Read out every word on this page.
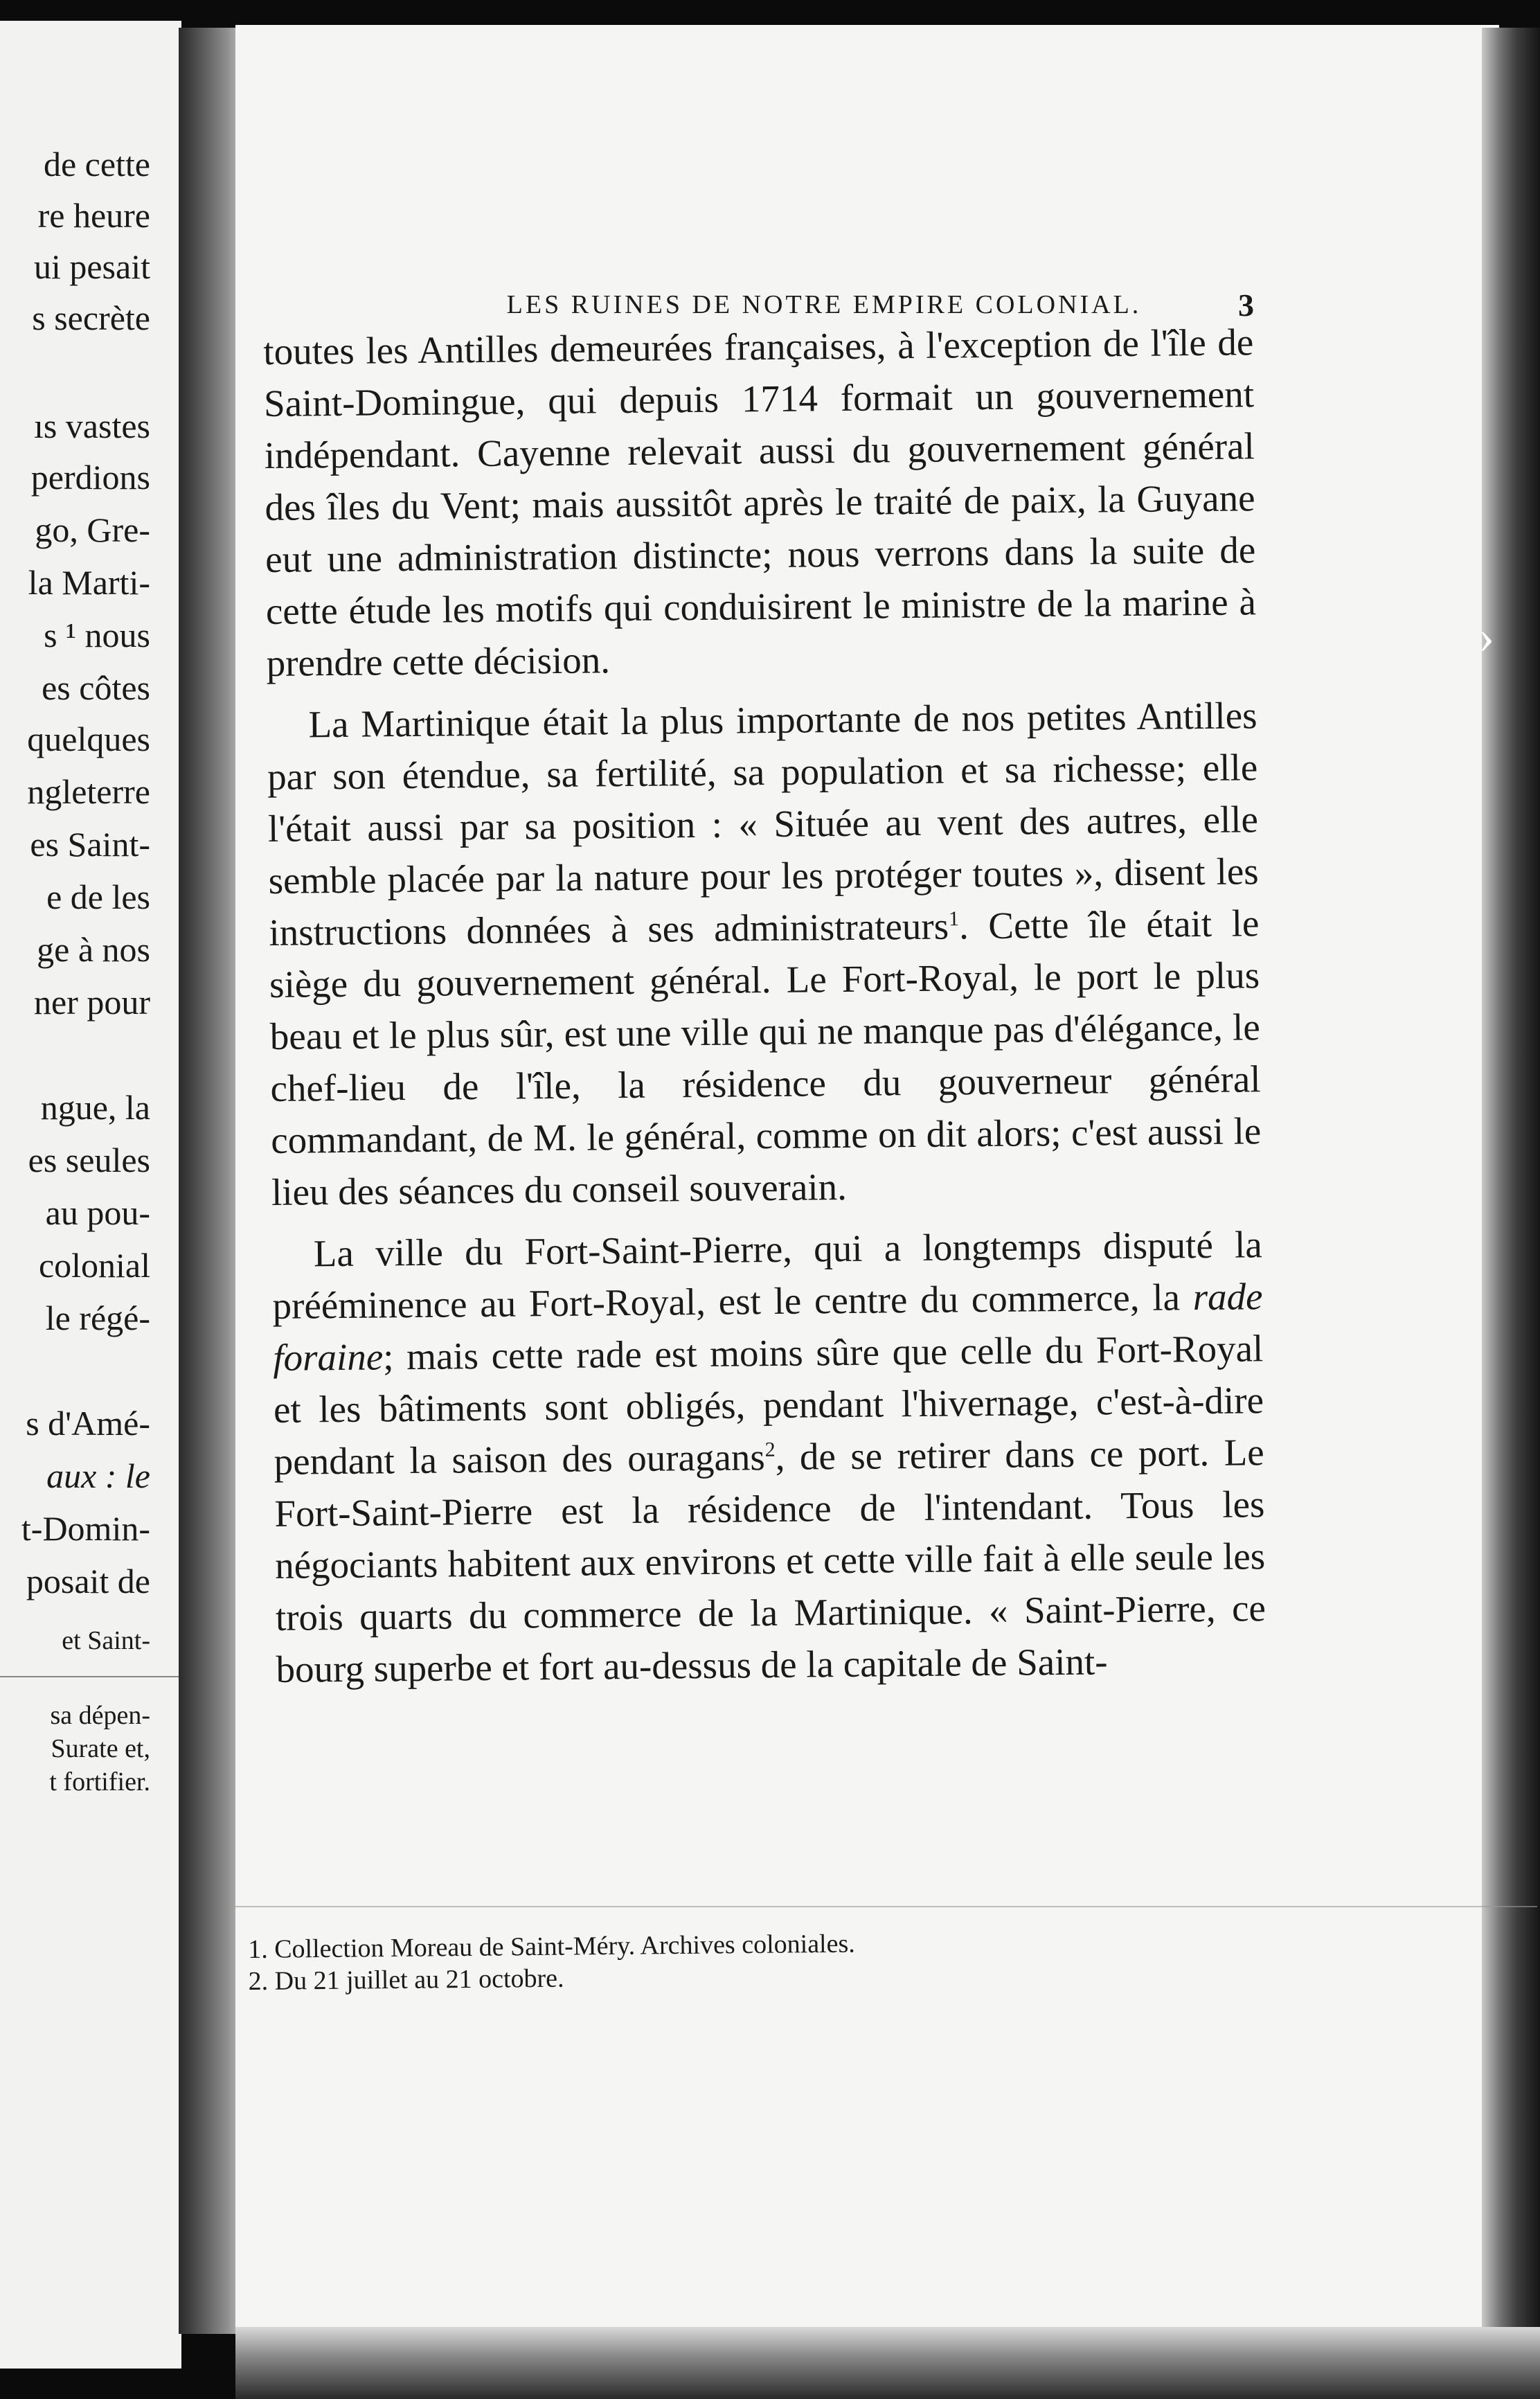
de cette
re heure
ui pesait
s secrète
ıs vastes
perdions
go, Gre-
la Marti-
s ¹ nous
es côtes
quelques
ngleterre
es Saint-
e de les
ge à nos
ner pour
ngue, la
es seules
au pou-
colonial
le régé-
s d'Amé-
aux : le
t-Domin-
posait de
et Saint-
sa dépen-
Surate et,
t fortifier.
›
LES RUINES DE NOTRE EMPIRE COLONIAL.	3

toutes les Antilles demeurées françaises, à l'exception de l'île de Saint-Domingue, qui depuis 1714 formait un gouvernement indépendant. Cayenne relevait aussi du gouvernement général des îles du Vent; mais aussitôt après le traité de paix, la Guyane eut une administration distincte; nous verrons dans la suite de cette étude les motifs qui conduisirent le ministre de la marine à prendre cette décision.

La Martinique était la plus importante de nos petites Antilles par son étendue, sa fertilité, sa population et sa richesse; elle l'était aussi par sa position : « Située au vent des autres, elle semble placée par la nature pour les protéger toutes », disent les instructions données à ses administrateurs$^1$. Cette île était le siège du gouvernement général. Le Fort-Royal, le port le plus beau et le plus sûr, est une ville qui ne manque pas d'élégance, le chef-lieu de l'île, la résidence du gouverneur général commandant, de M. le général, comme on dit alors; c'est aussi le lieu des séances du conseil souverain.

La ville du Fort-Saint-Pierre, qui a longtemps disputé la prééminence au Fort-Royal, est le centre du commerce, la rade foraine; mais cette rade est moins sûre que celle du Fort-Royal et les bâtiments sont obligés, pendant l'hivernage, c'est-à-dire pendant la saison des ouragans$^2$, de se retirer dans ce port. Le Fort-Saint-Pierre est la résidence de l'intendant. Tous les négociants habitent aux environs et cette ville fait à elle seule les trois quarts du commerce de la Martinique. « Saint-Pierre, ce bourg superbe et fort au-dessus de la capitale de Saint-

1. Collection Moreau de Saint-Méry. Archives coloniales.
2. Du 21 juillet au 21 octobre.
